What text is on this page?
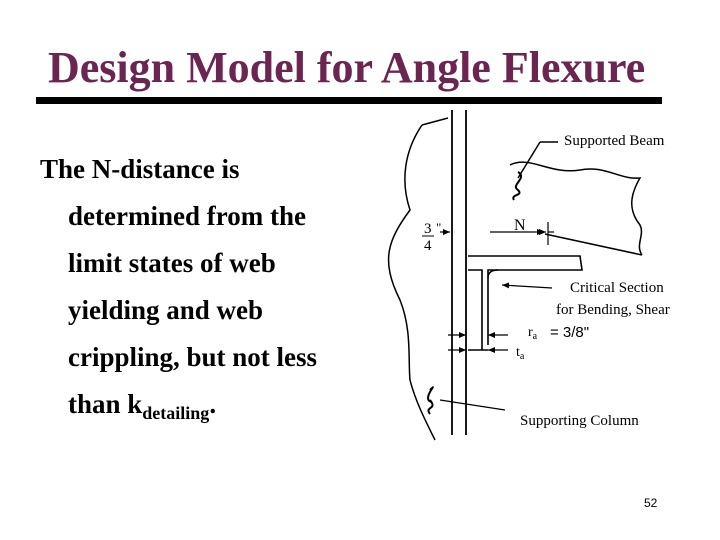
Design Model for Angle Flexure
The N-distance is
determined from the
limit states of web
yielding and web
crippling, but not less
than $k_{detailing}$.
Supported Beam
N
3
4
"
Critical Section
for Bending, Shear
$r_a = 3/8$"
$t_a$
Supporting Column
52
